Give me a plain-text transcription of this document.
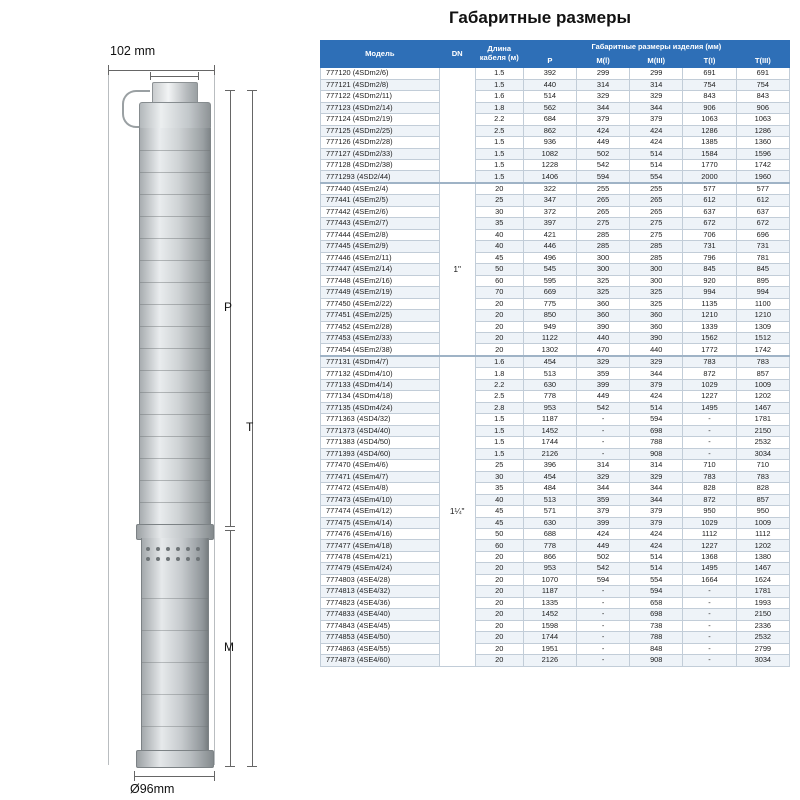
Габаритные размеры
102 mm
P
T
M
Ø96mm
Модель	DN	Длина кабеля (м)	Габаритные размеры изделия (мм)				
			P	M(l)	M(III)	T(I)	T(III)
777120 (4SDm2/6)		1.5	392	299	299	691	691
777121 (4SDm2/8)		1.5	440	314	314	754	754
777122 (4SDm2/11)		1.6	514	329	329	843	843
777123 (4SDm2/14)		1.8	562	344	344	906	906
777124 (4SDm2/19)		2.2	684	379	379	1063	1063
777125 (4SDm2/25)		2.5	862	424	424	1286	1286
777126 (4SDm2/28)		1.5	936	449	424	1385	1360
777127 (4SDm2/33)		1.5	1082	502	514	1584	1596
777128 (4SDm2/38)		1.5	1228	542	514	1770	1742
7771293 (4SD2/44)		1.5	1406	594	554	2000	1960
777440 (4SEm2/4)	1"	20	322	255	255	577	577
777441 (4SEm2/5)		25	347	265	265	612	612
777442 (4SEm2/6)		30	372	265	265	637	637
777443 (4SEm2/7)		35	397	275	275	672	672
777444 (4SEm2/8)		40	421	285	275	706	696
777445 (4SEm2/9)		40	446	285	285	731	731
777446 (4SEm2/11)		45	496	300	285	796	781
777447 (4SEm2/14)		50	545	300	300	845	845
777448 (4SEm2/16)		60	595	325	300	920	895
777449 (4SEm2/19)		70	669	325	325	994	994
777450 (4SEm2/22)		20	775	360	325	1135	1100
777451 (4SEm2/25)		20	850	360	360	1210	1210
777452 (4SEm2/28)		20	949	390	360	1339	1309
777453 (4SEm2/33)		20	1122	440	390	1562	1512
777454 (4SEm2/38)		20	1302	470	440	1772	1742
777131 (4SDm4/7)	1¼"	1.6	454	329	329	783	783
777132 (4SDm4/10)		1.8	513	359	344	872	857
777133 (4SDm4/14)		2.2	630	399	379	1029	1009
777134 (4SDm4/18)		2.5	778	449	424	1227	1202
777135 (4SDm4/24)		2.8	953	542	514	1495	1467
7771363 (4SD4/32)		1.5	1187	-	594	-	1781
7771373 (4SD4/40)		1.5	1452	-	698	-	2150
7771383 (4SD4/50)		1.5	1744	-	788	-	2532
7771393 (4SD4/60)		1.5	2126	-	908	-	3034
777470 (4SEm4/6)		25	396	314	314	710	710
777471 (4SEm4/7)		30	454	329	329	783	783
777472 (4SEm4/8)		35	484	344	344	828	828
777473 (4SEm4/10)		40	513	359	344	872	857
777474 (4SEm4/12)		45	571	379	379	950	950
777475 (4SEm4/14)		45	630	399	379	1029	1009
777476 (4SEm4/16)		50	688	424	424	1112	1112
777477 (4SEm4/18)		60	778	449	424	1227	1202
777478 (4SEm4/21)		20	866	502	514	1368	1380
777479 (4SEm4/24)		20	953	542	514	1495	1467
7774803 (4SE4/28)		20	1070	594	554	1664	1624
7774813 (4SE4/32)		20	1187	-	594	-	1781
7774823 (4SE4/36)		20	1335	-	658	-	1993
7774833 (4SE4/40)		20	1452	-	698	-	2150
7774843 (4SE4/45)		20	1598	-	738	-	2336
7774853 (4SE4/50)		20	1744	-	788	-	2532
7774863 (4SE4/55)		20	1951	-	848	-	2799
7774873 (4SE4/60)		20	2126	-	908	-	3034
